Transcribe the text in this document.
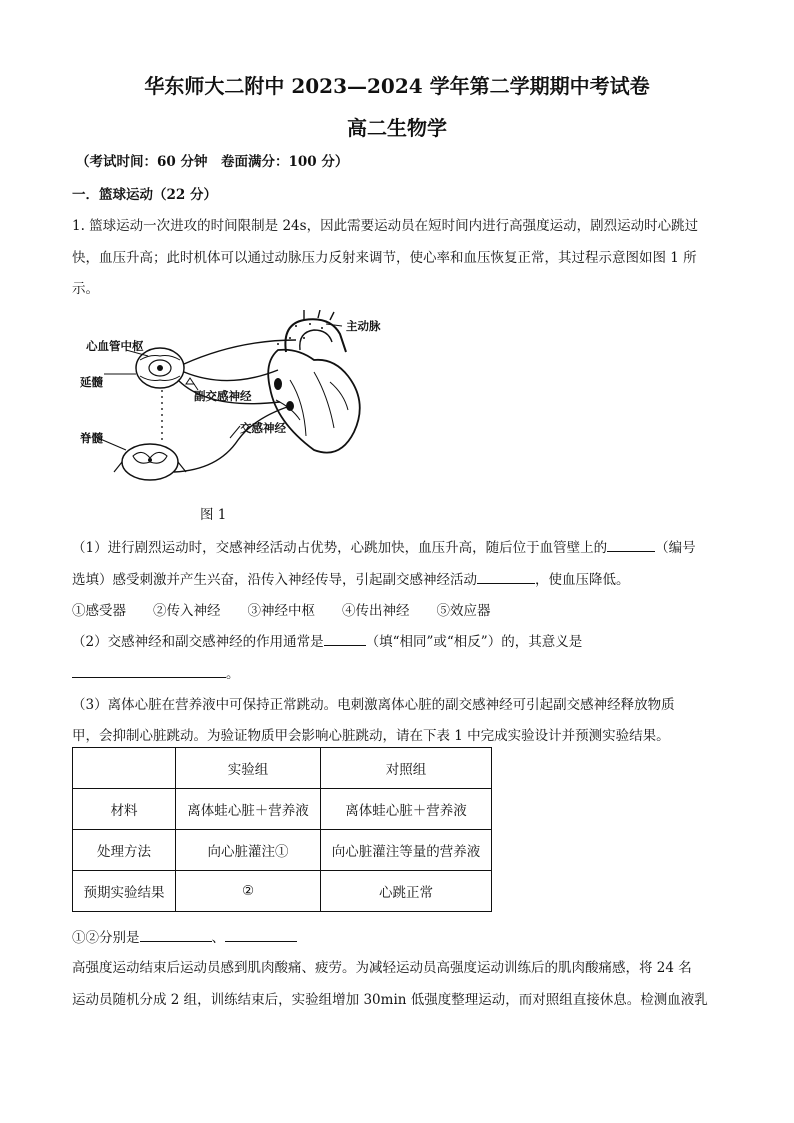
华东师大二附中 2023—2024 学年第二学期期中考试卷
高二生物学
（考试时间：60 分钟　卷面满分：100 分）
一．篮球运动（22 分）
1. 篮球运动一次进攻的时间限制是 24s，因此需要运动员在短时间内进行高强度运动，剧烈运动时心跳过
快，血压升高；此时机体可以通过动脉压力反射来调节，使心率和血压恢复正常，其过程示意图如图 1 所
示。
心血管中枢
主动脉
延髓
副交感神经
脊髓
交感神经
图 1
（1）进行剧烈运动时，交感神经活动占优势，心跳加快，血压升高，随后位于血管壁上的	（编号
选填）感受刺激并产生兴奋，沿传入神经传导，引起副交感神经活动	，使血压降低。
①感受器　　②传入神经　　③神经中枢　　④传出神经　　⑤效应器
（2）交感神经和副交感神经的作用通常是	（填“相同”或“相反”）的，其意义是
。
（3）离体心脏在营养液中可保持正常跳动。电刺激离体心脏的副交感神经可引起副交感神经释放物质
甲，会抑制心脏跳动。为验证物质甲会影响心脏跳动，请在下表 1 中完成实验设计并预测实验结果。
	实验组	对照组
材料	离体蛙心脏＋营养液	离体蛙心脏＋营养液
处理方法	向心脏灌注①	向心脏灌注等量的营养液
预期实验结果	②	心跳正常
①②分别是	、
高强度运动结束后运动员感到肌肉酸痛、疲劳。为减轻运动员高强度运动训练后的肌肉酸痛感，将 24 名
运动员随机分成 2 组，训练结束后，实验组增加 30min 低强度整理运动，而对照组直接休息。检测血液乳
